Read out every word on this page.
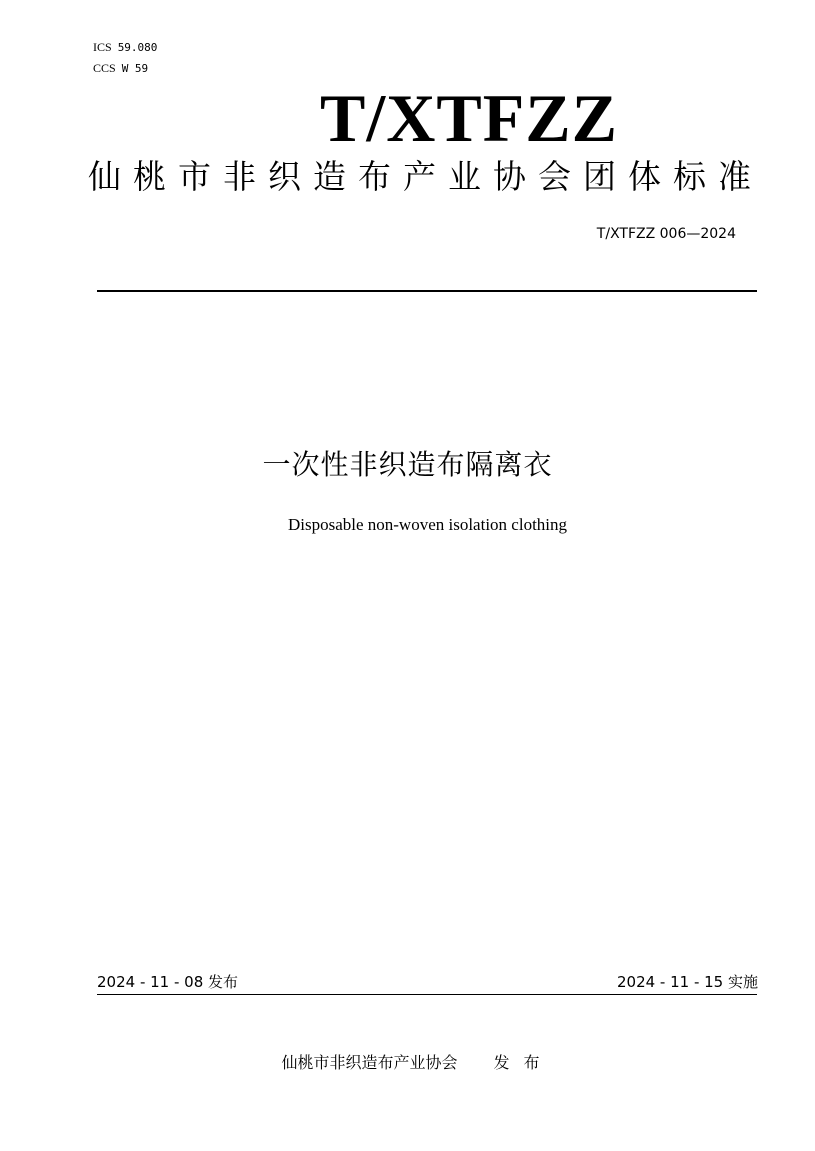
ICS 59.080
CCS W 59
T/XTFZZ
仙桃市非织造布产业协会团体标准
T/XTFZZ 006—2024
一次性非织造布隔离衣
Disposable non-woven isolation clothing
2024 - 11 - 08 发布	2024 - 11 - 15 实施
仙桃市非织造布产业协会 发布
